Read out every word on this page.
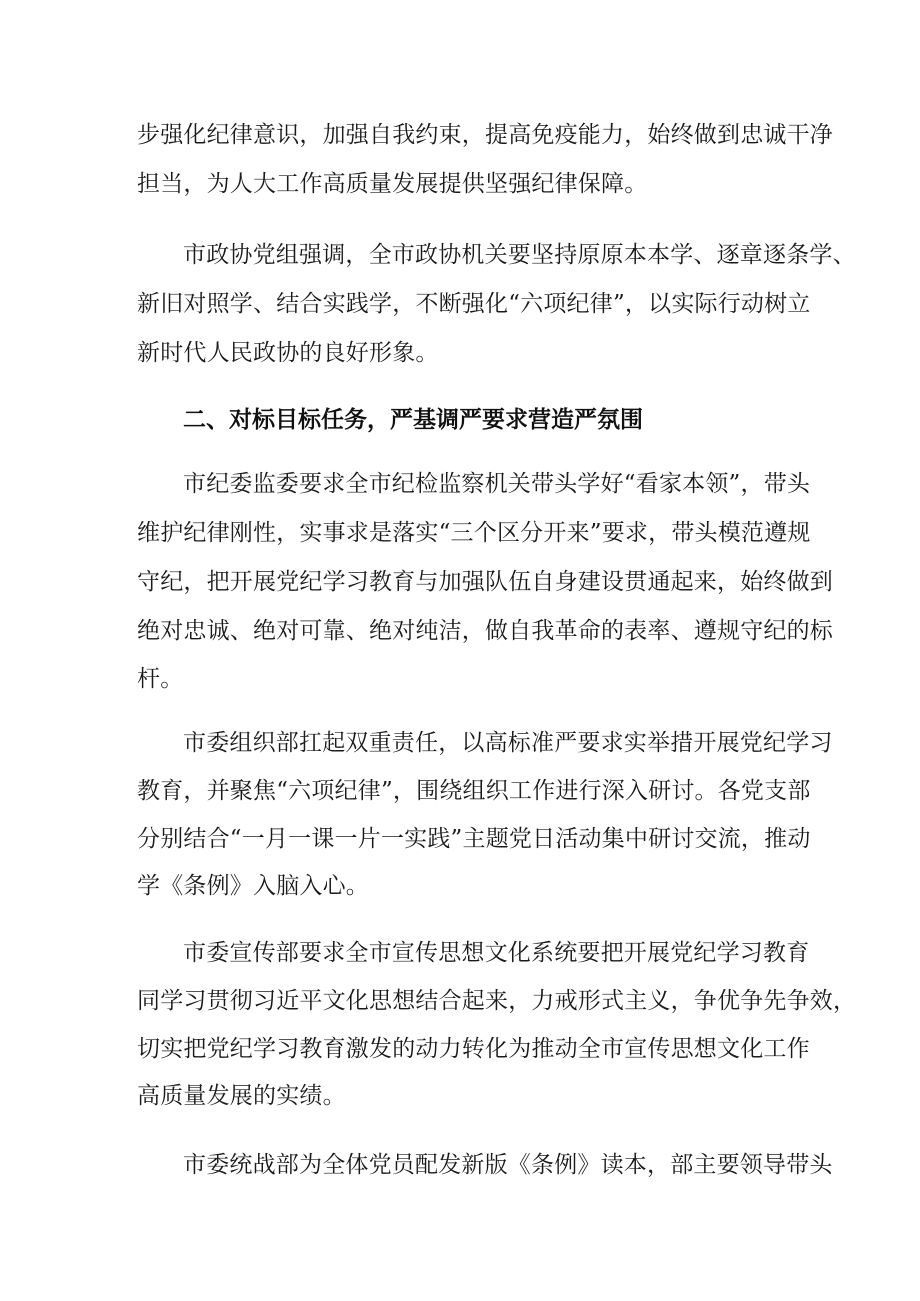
步强化纪律意识，加强自我约束，提高免疫能力，始终做到忠诚干净
担当，为人大工作高质量发展提供坚强纪律保障。
市政协党组强调，全市政协机关要坚持原原本本学、逐章逐条学、
新旧对照学、结合实践学，不断强化“六项纪律”，以实际行动树立
新时代人民政协的良好形象。
二、对标目标任务，严基调严要求营造严氛围
市纪委监委要求全市纪检监察机关带头学好“看家本领”，带头
维护纪律刚性，实事求是落实“三个区分开来”要求，带头模范遵规
守纪，把开展党纪学习教育与加强队伍自身建设贯通起来，始终做到
绝对忠诚、绝对可靠、绝对纯洁，做自我革命的表率、遵规守纪的标
杆。
市委组织部扛起双重责任，以高标准严要求实举措开展党纪学习
教育，并聚焦“六项纪律”，围绕组织工作进行深入研讨。各党支部
分别结合“一月一课一片一实践”主题党日活动集中研讨交流，推动
学《条例》入脑入心。
市委宣传部要求全市宣传思想文化系统要把开展党纪学习教育
同学习贯彻习近平文化思想结合起来，力戒形式主义，争优争先争效，
切实把党纪学习教育激发的动力转化为推动全市宣传思想文化工作
高质量发展的实绩。
市委统战部为全体党员配发新版《条例》读本，部主要领导带头
